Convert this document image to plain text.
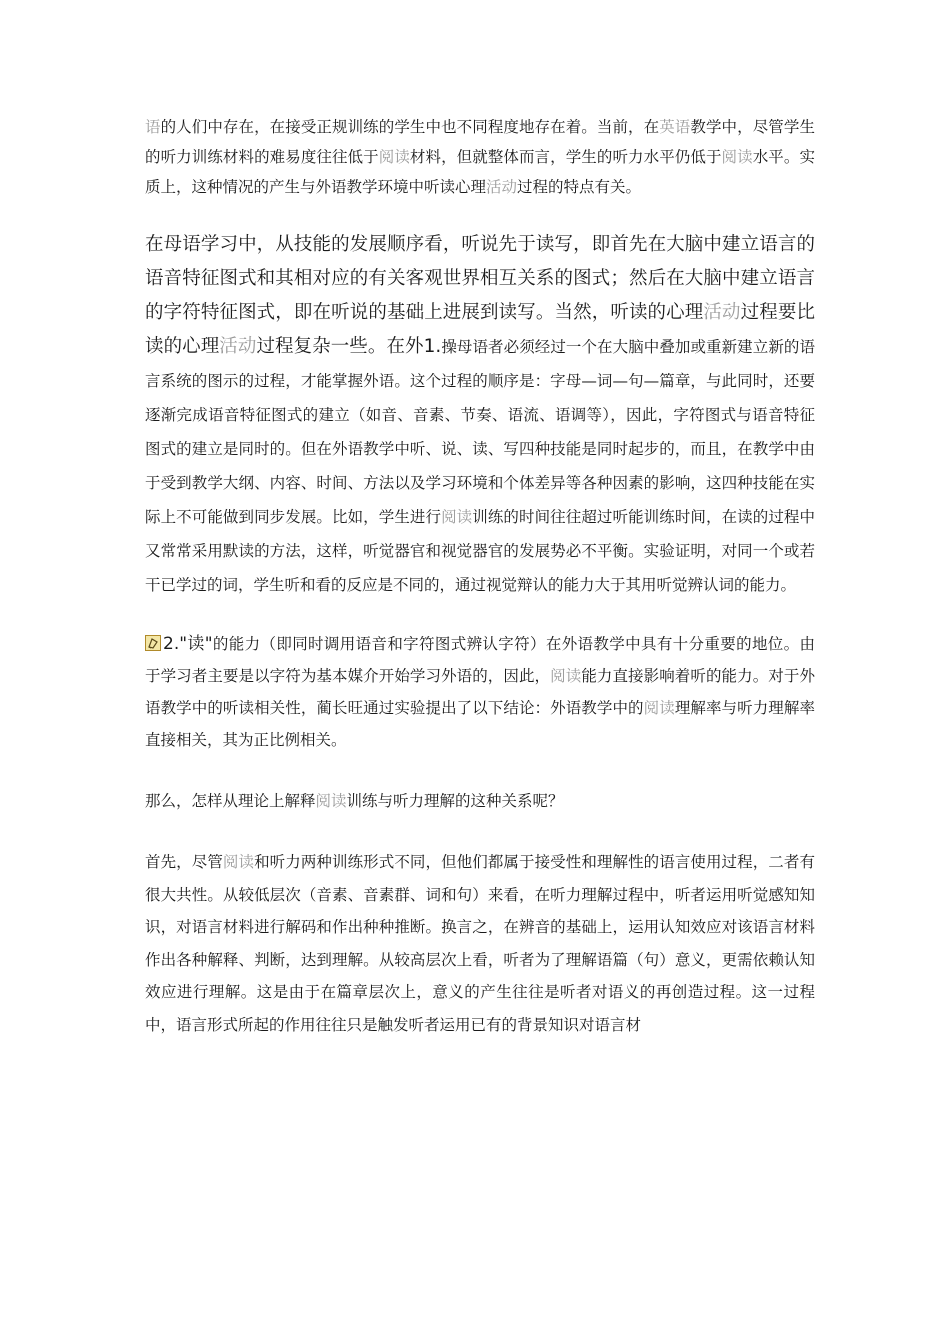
语的人们中存在，在接受正规训练的学生中也不同程度地存在着。当前，在英语教学中，尽管学生的听力训练材料的难易度往往低于阅读材料，但就整体而言，学生的听力水平仍低于阅读水平。实质上，这种情况的产生与外语教学环境中听读心理活动过程的特点有关。

在母语学习中，从技能的发展顺序看，听说先于读写，即首先在大脑中建立语言的语音特征图式和其相对应的有关客观世界相互关系的图式；然后在大脑中建立语言的字符特征图式，即在听说的基础上进展到读写。当然，听读的心理活动过程要比读的心理活动过程复杂一些。在外1.操母语者必须经过一个在大脑中叠加或重新建立新的语言系统的图示的过程，才能掌握外语。这个过程的顺序是：字母—词—句—篇章，与此同时，还要逐渐完成语音特征图式的建立（如音、音素、节奏、语流、语调等），因此，字符图式与语音特征图式的建立是同时的。但在外语教学中听、说、读、写四种技能是同时起步的，而且，在教学中由于受到教学大纲、内容、时间、方法以及学习环境和个体差异等各种因素的影响，这四种技能在实际上不可能做到同步发展。比如，学生进行阅读训练的时间往往超过听能训练时间，在读的过程中又常常采用默读的方法，这样，听觉器官和视觉器官的发展势必不平衡。实验证明，对同一个或若干已学过的词，学生听和看的反应是不同的，通过视觉辩认的能力大于其用听觉辨认词的能力。

2."读"的能力（即同时调用语音和字符图式辨认字符）在外语教学中具有十分重要的地位。由于学习者主要是以字符为基本媒介开始学习外语的，因此，阅读能力直接影响着听的能力。对于外语教学中的听读相关性，蔺长旺通过实验提出了以下结论：外语教学中的阅读理解率与听力理解率直接相关，其为正比例相关。

那么，怎样从理论上解释阅读训练与听力理解的这种关系呢？

首先，尽管阅读和听力两种训练形式不同，但他们都属于接受性和理解性的语言使用过程，二者有很大共性。从较低层次（音素、音素群、词和句）来看，在听力理解过程中，听者运用听觉感知知识，对语言材料进行解码和作出种种推断。换言之，在辨音的基础上，运用认知效应对该语言材料作出各种解释、判断，达到理解。从较高层次上看，听者为了理解语篇（句）意义，更需依赖认知效应进行理解。这是由于在篇章层次上，意义的产生往往是听者对语义的再创造过程。这一过程中，语言形式所起的作用往往只是触发听者运用已有的背景知识对语言材
